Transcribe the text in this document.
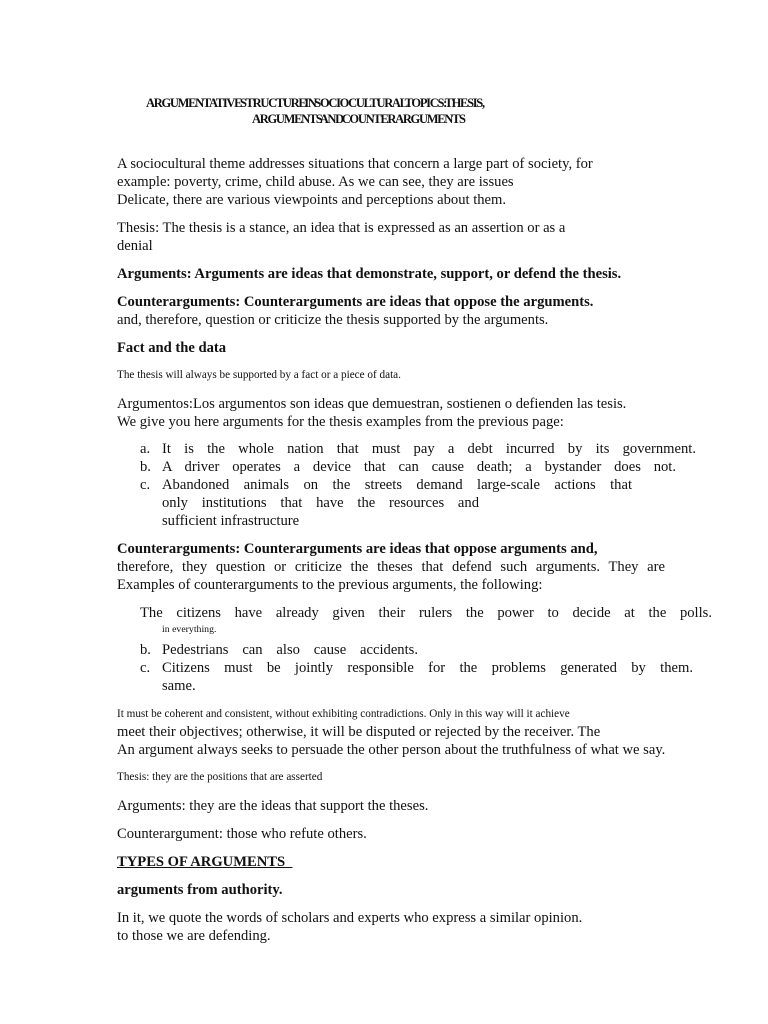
ARGUMENTATIVE STRUCTURE IN SOCIOCULTURAL TOPICS: THESIS,
ARGUMENTS AND COUNTERARGUMENTS
A sociocultural theme addresses situations that concern a large part of society, for
example: poverty, crime, child abuse. As we can see, they are issues
Delicate, there are various viewpoints and perceptions about them.
Thesis: The thesis is a stance, an idea that is expressed as an assertion or as a
denial
Arguments: Arguments are ideas that demonstrate, support, or defend the thesis.
Counterarguments: Counterarguments are ideas that oppose the arguments.
and, therefore, question or criticize the thesis supported by the arguments.
Fact and the data
The thesis will always be supported by a fact or a piece of data.
Argumentos:Los argumentos son ideas que demuestran, sostienen o defienden las tesis.
We give you here arguments for the thesis examples from the previous page:
a. It is the whole nation that must pay a debt incurred by its government.
b. A driver operates a device that can cause death; a bystander does not.
c. Abandoned animals on the streets demand large-scale actions that
only institutions that have the resources and
sufficient infrastructure
Counterarguments: Counterarguments are ideas that oppose arguments and,
therefore, they question or criticize the theses that defend such arguments. They are
Examples of counterarguments to the previous arguments, the following:
The citizens have already given their rulers the power to decide at the polls.
in everything.
b. Pedestrians can also cause accidents.
c. Citizens must be jointly responsible for the problems generated by them.
same.
It must be coherent and consistent, without exhibiting contradictions. Only in this way will it achieve
meet their objectives; otherwise, it will be disputed or rejected by the receiver. The
An argument always seeks to persuade the other person about the truthfulness of what we say.
Thesis: they are the positions that are asserted
Arguments: they are the ideas that support the theses.
Counterargument: those who refute others.
TYPES OF ARGUMENTS
arguments from authority.
In it, we quote the words of scholars and experts who express a similar opinion.
to those we are defending.
